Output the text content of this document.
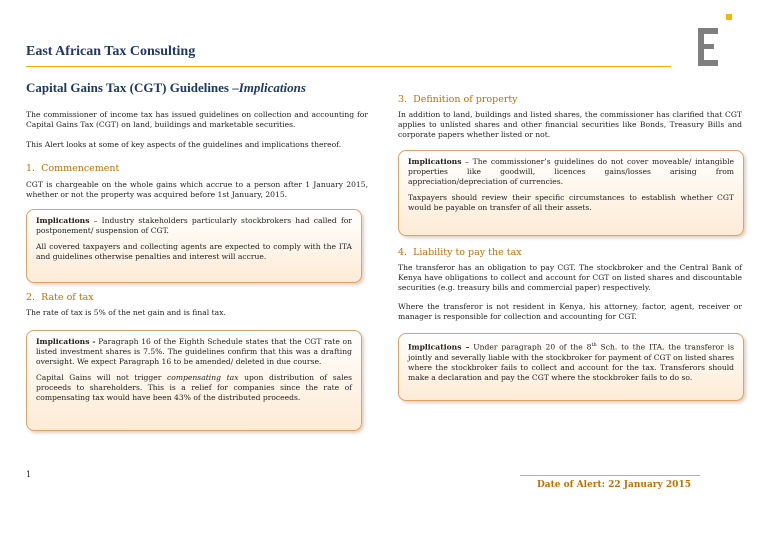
East African Tax Consulting
Capital Gains Tax (CGT) Guidelines –Implications
The commissioner of income tax has issued guidelines on collection and accounting for Capital Gains Tax (CGT) on land, buildings and marketable securities.
This Alert looks at some of key aspects of the guidelines and implications thereof.
1. Commencement
CGT is chargeable on the whole gains which accrue to a person after 1 January 2015, whether or not the property was acquired before 1st January, 2015.

Implications – Industry stakeholders particularly stockbrokers had called for postponement/ suspension of CGT.

All covered taxpayers and collecting agents are expected to comply with the ITA and guidelines otherwise penalties and interest will accrue.

2. Rate of tax
The rate of tax is 5% of the net gain and is final tax.

Implications - Paragraph 16 of the Eighth Schedule states that the CGT rate on listed investment shares is 7.5%. The guidelines confirm that this was a drafting oversight. We expect Paragraph 16 to be amended/ deleted in due course.

Capital Gains will not trigger compensating tax upon distribution of sales proceeds to shareholders. This is a relief for companies since the rate of compensating tax would have been 43% of the distributed proceeds.

3. Definition of property
In addition to land, buildings and listed shares, the commissioner has clarified that CGT applies to unlisted shares and other financial securities like Bonds, Treasury Bills and corporate papers whether listed or not.

Implications – The commissioner’s guidelines do not cover moveable/ intangible properties like goodwill, licences gains/losses arising from appreciation/depreciation of currencies.

Taxpayers should review their specific circumstances to establish whether CGT would be payable on transfer of all their assets.

4. Liability to pay the tax
The transferor has an obligation to pay CGT. The stockbroker and the Central Bank of Kenya have obligations to collect and account for CGT on listed shares and discountable securities (e.g. treasury bills and commercial paper) respectively.
Where the transferor is not resident in Kenya, his attorney, factor, agent, receiver or manager is responsible for collection and accounting for CGT.

Implications – Under paragraph 20 of the 8th Sch. to the ITA, the transferor is jointly and severally liable with the stockbroker for payment of CGT on listed shares where the stockbroker fails to collect and account for the tax. Transferors should make a declaration and pay the CGT where the stockbroker fails to do so.

1
Date of Alert: 22 January 2015
